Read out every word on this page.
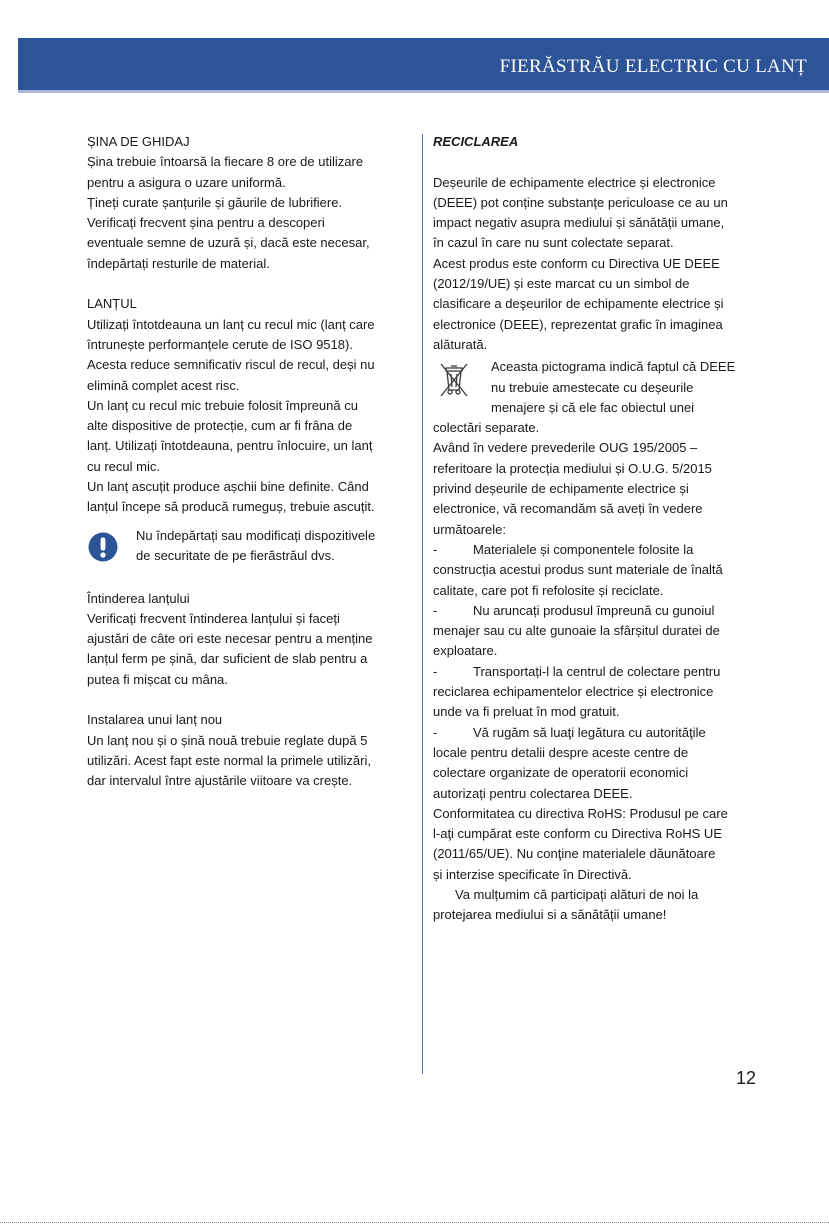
FIERĂSTRĂU ELECTRIC CU LANȚ

ȘINA DE GHIDAJ

Șina trebuie întoarsă la fiecare 8 ore de utilizare

pentru a asigura o uzare uniformă.

Țineți curate șanțurile și găurile de lubrifiere.

Verificați frecvent șina pentru a descoperi

eventuale semne de uzură și, dacă este necesar,

îndepărtați resturile de material.

LANȚUL

Utilizați întotdeauna un lanț cu recul mic (lanț care

întrunește performanțele cerute de ISO 9518).

Acesta reduce semnificativ riscul de recul, deși nu

elimină complet acest risc.

Un lanț cu recul mic trebuie folosit împreună cu

alte dispositive de protecție, cum ar fi frâna de

lanț. Utilizați întotdeauna, pentru înlocuire, un lanț

cu recul mic.

Un lanț ascuțit produce așchii bine definite. Când

lanțul începe să producă rumeguș, trebuie ascuțit.

Nu îndepărtați sau modificați dispozitivele

de securitate de pe fierăstrăul dvs.

Întinderea lanțului

Verificați frecvent întinderea lanțului și faceți

ajustări de câte ori este necesar pentru a menține

lanțul ferm pe șină, dar suficient de slab pentru a

putea fi mișcat cu mâna.

Instalarea unui lanț nou

Un lanț nou și o șină nouă trebuie reglate după 5

utilizări. Acest fapt este normal la primele utilizări,

dar intervalul între ajustările viitoare va crește.

RECICLAREA

Deșeurile de echipamente electrice și electronice

(DEEE) pot conține substanțe periculoase ce au un

impact negativ asupra mediului și sănătății umane,

în cazul în care nu sunt colectate separat.

Acest produs este conform cu Directiva UE DEEE

(2012/19/UE) și este marcat cu un simbol de

clasificare a deşeurilor de echipamente electrice și

electronice (DEEE), reprezentat grafic în imaginea

alăturată.

Aceasta pictograma indică faptul că DEEE

nu trebuie amestecate cu deșeurile

menajere și că ele fac obiectul unei

colectări separate.

Având în vedere prevederile OUG 195/2005 –

referitoare la protecția mediului și O.U.G. 5/2015

privind deșeurile de echipamente electrice și

electronice, vă recomandăm să aveți în vedere

următoarele:

-	Materialele și componentele folosite la

construcția acestui produs sunt materiale de înaltă

calitate, care pot fi refolosite și reciclate.

-	Nu aruncați produsul împreună cu gunoiul

menajer sau cu alte gunoaie la sfârșitul duratei de

exploatare.

-	Transportați-l la centrul de colectare pentru

reciclarea echipamentelor electrice și electronice

unde va fi preluat în mod gratuit.

-	Vă rugăm să luaţi legătura cu autorităţile

locale pentru detalii despre aceste centre de

colectare organizate de operatorii economici

autorizați pentru colectarea DEEE.

Conformitatea cu directiva RoHS: Produsul pe care

l-aţi cumpărat este conform cu Directiva RoHS UE

(2011/65/UE). Nu conţine materialele dăunătoare

și interzise specificate în Directivă.

Va mulțumim că participați alături de noi la

protejarea mediului si a sănătății umane!

12
